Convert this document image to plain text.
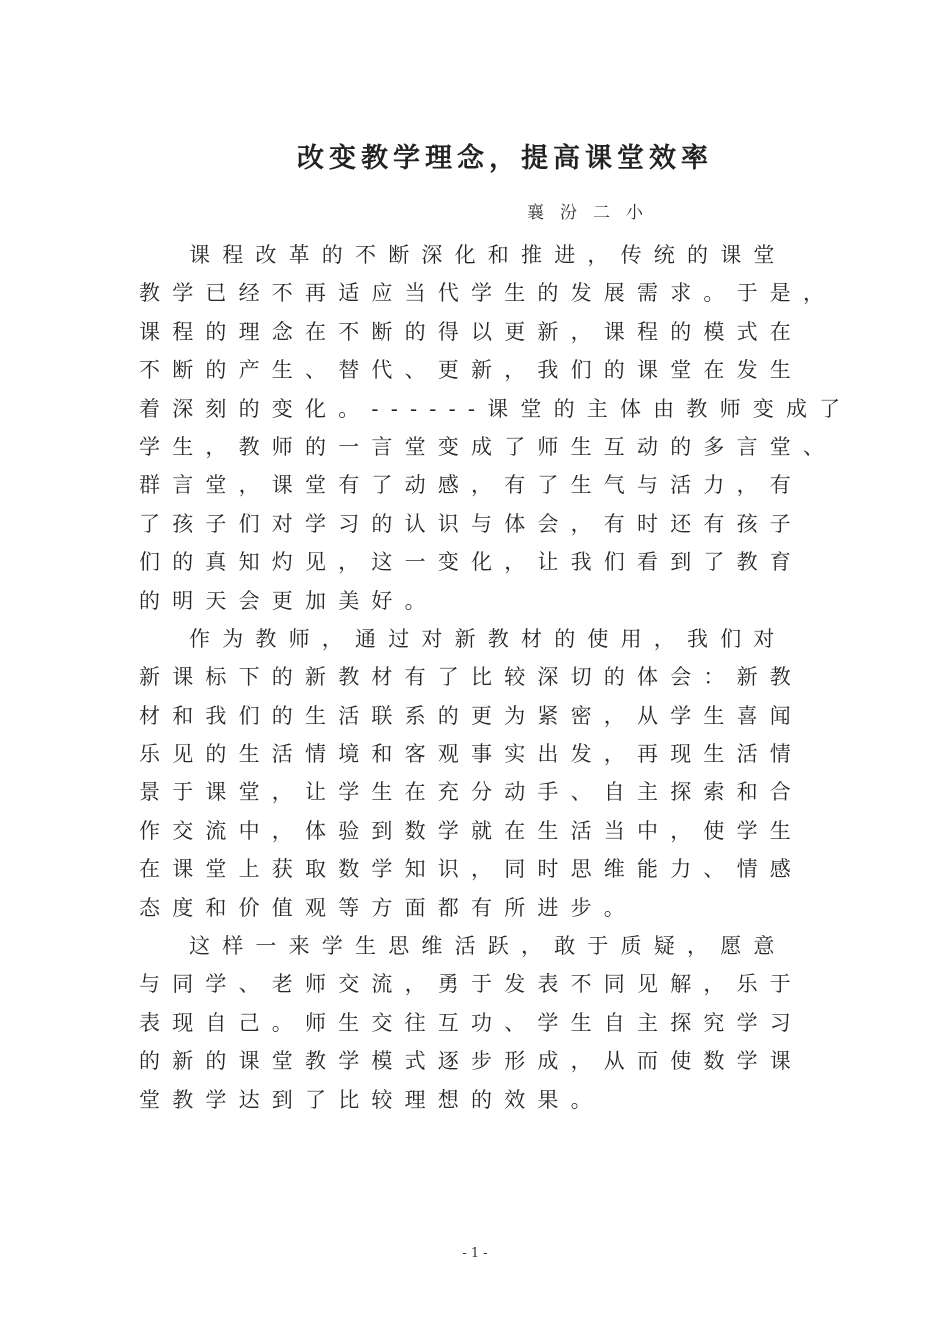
改变教学理念，提高课堂效率
襄汾二小
课程改革的不断深化和推进，传统的课堂
教学已经不再适应当代学生的发展需求。于是，
课程的理念在不断的得以更新，课程的模式在
不断的产生、替代、更新，我们的课堂在发生
着深刻的变化。------课堂的主体由教师变成了
学生，教师的一言堂变成了师生互动的多言堂、
群言堂，课堂有了动感，有了生气与活力，有
了孩子们对学习的认识与体会，有时还有孩子
们的真知灼见，这一变化，让我们看到了教育
的明天会更加美好。
作为教师，通过对新教材的使用，我们对
新课标下的新教材有了比较深切的体会：新教
材和我们的生活联系的更为紧密，从学生喜闻
乐见的生活情境和客观事实出发，再现生活情
景于课堂，让学生在充分动手、自主探索和合
作交流中，体验到数学就在生活当中，使学生
在课堂上获取数学知识，同时思维能力、情感
态度和价值观等方面都有所进步。
这样一来学生思维活跃，敢于质疑，愿意
与同学、老师交流，勇于发表不同见解，乐于
表现自己。师生交往互功、学生自主探究学习
的新的课堂教学模式逐步形成，从而使数学课
堂教学达到了比较理想的效果。
- 1 -
